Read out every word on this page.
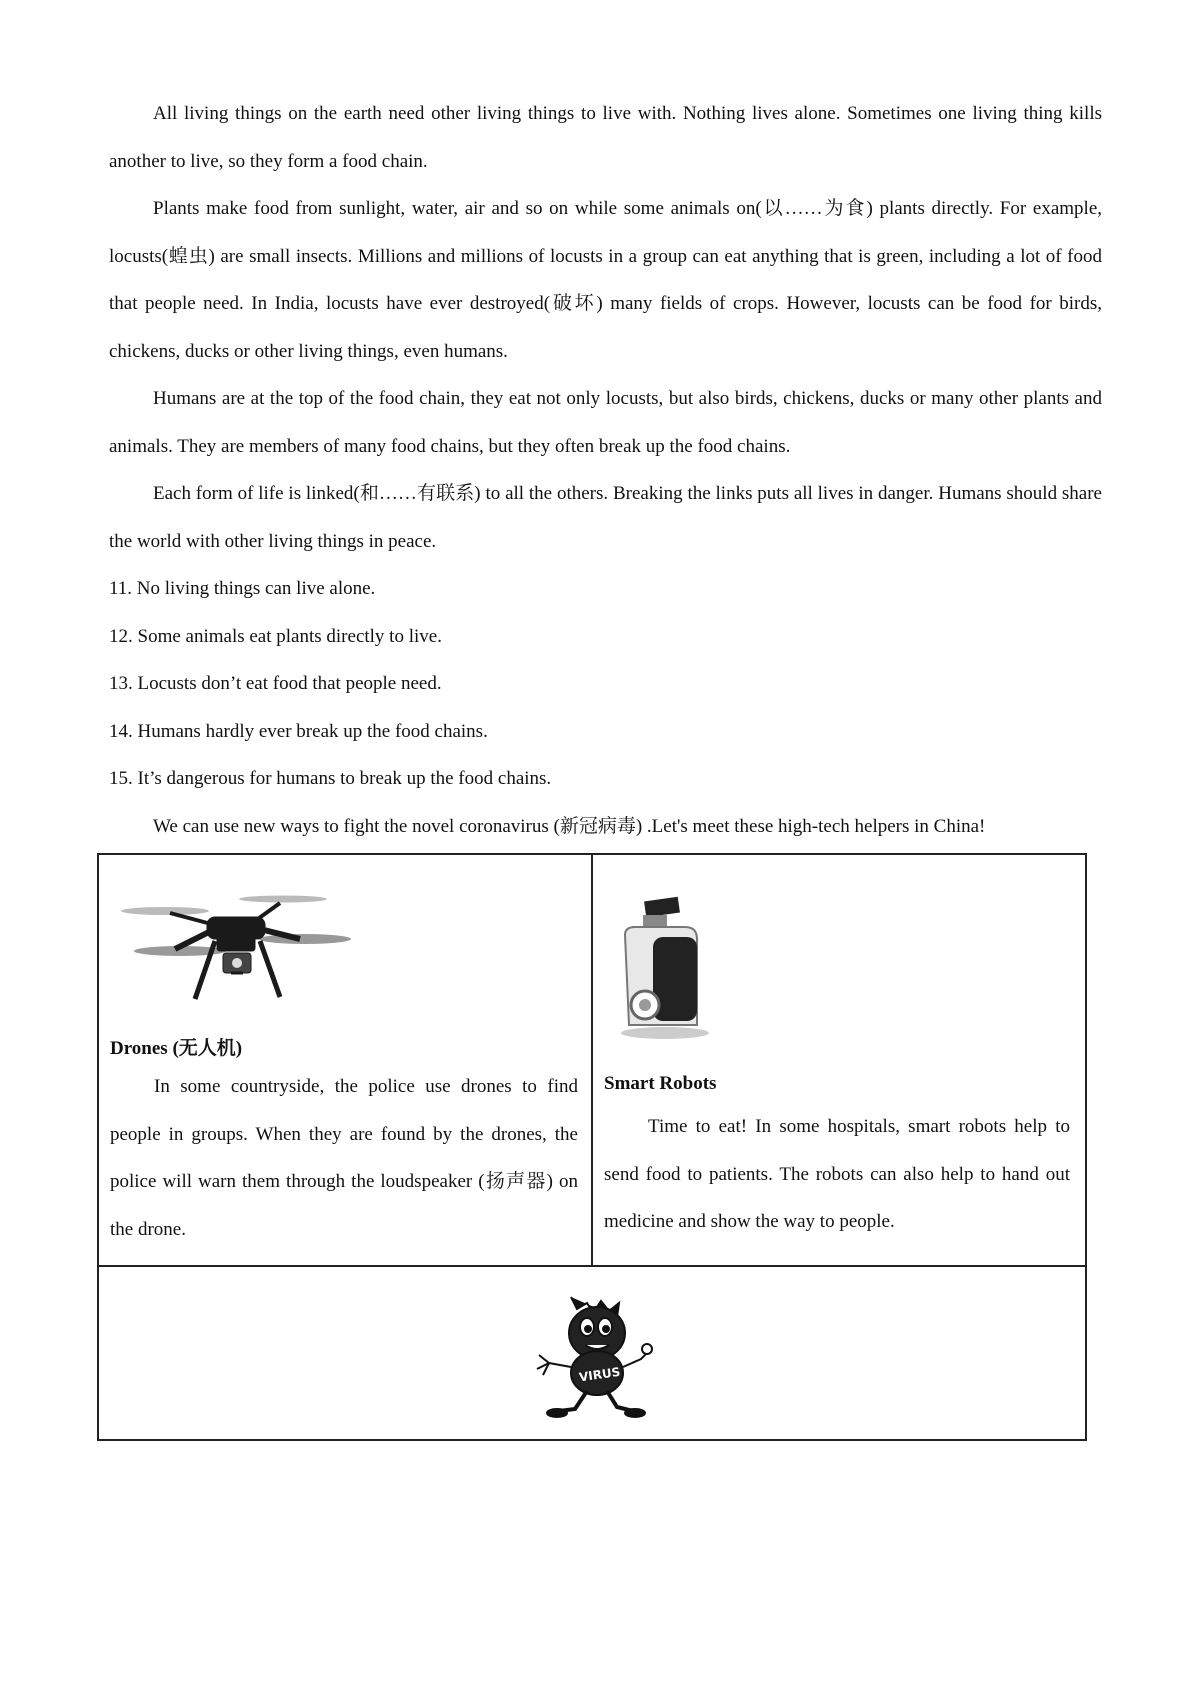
All living things on the earth need other living things to live with. Nothing lives alone. Sometimes one living thing kills another to live, so they form a food chain.

Plants make food from sunlight, water, air and so on while some animals on(以……为食) plants directly. For example, locusts(蝗虫) are small insects. Millions and millions of locusts in a group can eat anything that is green, including a lot of food that people need. In India, locusts have ever destroyed(破坏) many fields of crops. However, locusts can be food for birds, chickens, ducks or other living things, even humans.

Humans are at the top of the food chain, they eat not only locusts, but also birds, chickens, ducks or many other plants and animals. They are members of many food chains, but they often break up the food chains.

Each form of life is linked(和……有联系) to all the others. Breaking the links puts all lives in danger. Humans should share the world with other living things in peace.

11. No living things can live alone.

12. Some animals eat plants directly to live.

13. Locusts don’t eat food that people need.

14. Humans hardly ever break up the food chains.

15. It’s dangerous for humans to break up the food chains.

We can use new ways to fight the novel coronavirus (新冠病毒) .Let's meet these high-tech helpers in China!

Drones (无人机)

In some countryside, the police use drones to find people in groups. When they are found by the drones, the police will warn them through the loudspeaker (扬声器) on the drone.

Smart Robots

Time to eat! In some hospitals, smart robots help to send food to patients. The robots can also help to hand out medicine and show the way to people.

VIRUS
